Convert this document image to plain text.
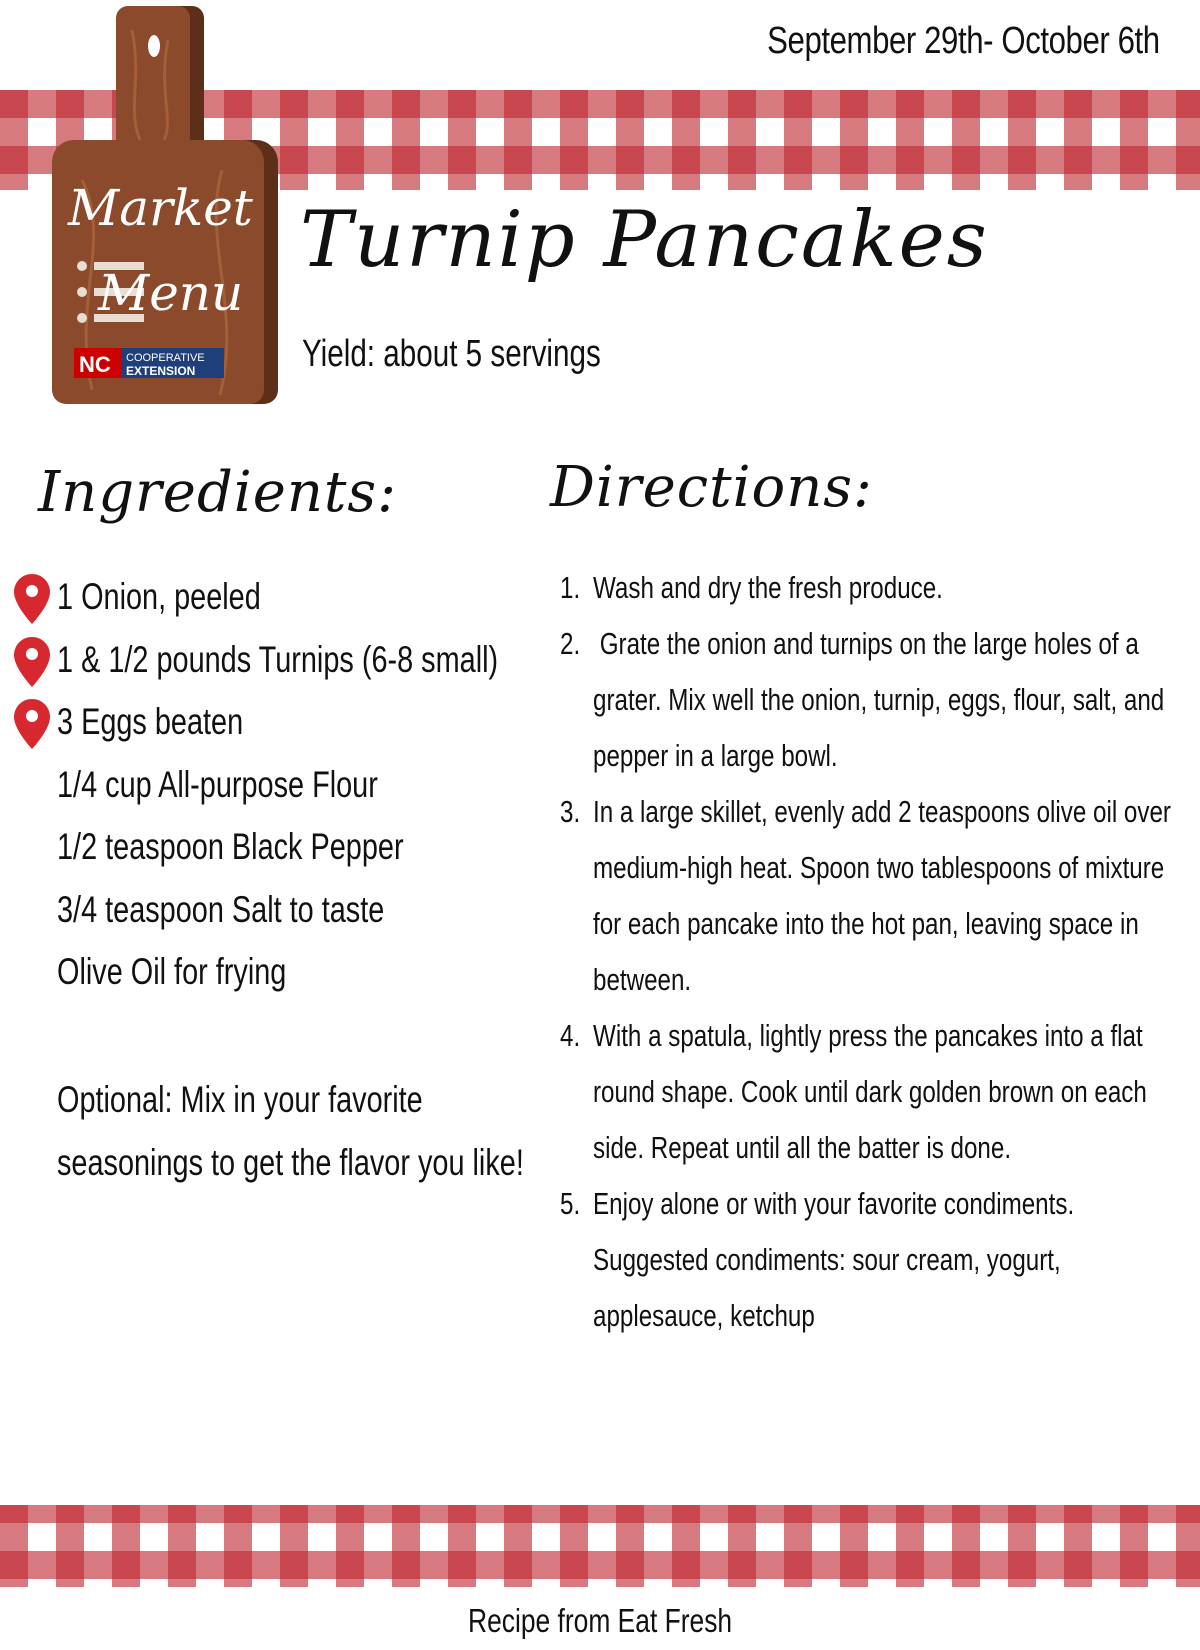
September 29th- October 6th
Market
Menu
NC COOPERATIVE
EXTENSION
Turnip Pancakes
Yield: about 5 servings
Ingredients:	Directions:
1 Onion, peeled
1 & 1/2 pounds Turnips (6-8 small)
3 Eggs beaten
1/4 cup All-purpose Flour
1/2 teaspoon Black Pepper
3/4 teaspoon Salt to taste
Olive Oil for frying
Optional: Mix in your favorite
seasonings to get the flavor you like!
1. Wash and dry the fresh produce.
2. Grate the onion and turnips on the large holes of a
grater. Mix well the onion, turnip, eggs, flour, salt, and
pepper in a large bowl.
3. In a large skillet, evenly add 2 teaspoons olive oil over
medium-high heat. Spoon two tablespoons of mixture
for each pancake into the hot pan, leaving space in
between.
4. With a spatula, lightly press the pancakes into a flat
round shape. Cook until dark golden brown on each
side. Repeat until all the batter is done.
5. Enjoy alone or with your favorite condiments.
Suggested condiments: sour cream, yogurt,
applesauce, ketchup
Recipe from Eat Fresh
